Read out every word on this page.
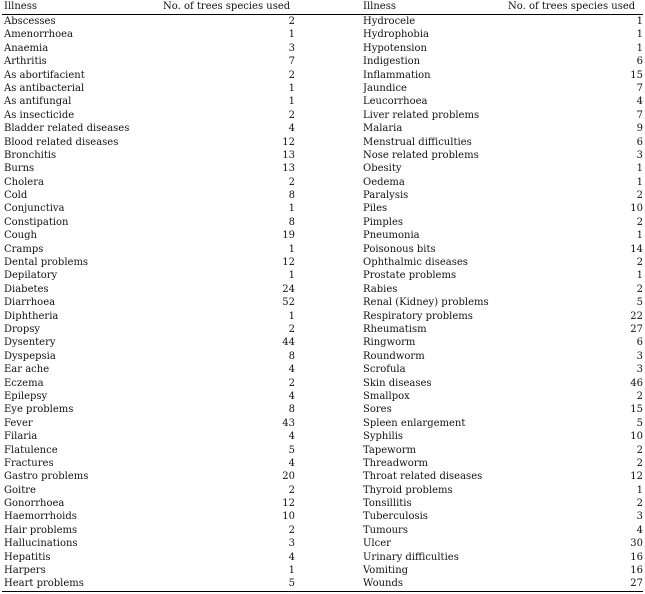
Illness	No. of trees species used	Illness	No. of trees species used
Abscesses	2	Hydrocele	1
Amenorrhoea	1	Hydrophobia	1
Anaemia	3	Hypotension	1
Arthritis	7	Indigestion	6
As abortifacient	2	Inflammation	15
As antibacterial	1	Jaundice	7
As antifungal	1	Leucorrhoea	4
As insecticide	2	Liver related problems	7
Bladder related diseases	4	Malaria	9
Blood related diseases	12	Menstrual difficulties	6
Bronchitis	13	Nose related problems	3
Burns	13	Obesity	1
Cholera	2	Oedema	1
Cold	8	Paralysis	2
Conjunctiva	1	Piles	10
Constipation	8	Pimples	2
Cough	19	Pneumonia	1
Cramps	1	Poisonous bits	14
Dental problems	12	Ophthalmic diseases	2
Depilatory	1	Prostate problems	1
Diabetes	24	Rabies	2
Diarrhoea	52	Renal (Kidney) problems	5
Diphtheria	1	Respiratory problems	22
Dropsy	2	Rheumatism	27
Dysentery	44	Ringworm	6
Dyspepsia	8	Roundworm	3
Ear ache	4	Scrofula	3
Eczema	2	Skin diseases	46
Epilepsy	4	Smallpox	2
Eye problems	8	Sores	15
Fever	43	Spleen enlargement	5
Filaria	4	Syphilis	10
Flatulence	5	Tapeworm	2
Fractures	4	Threadworm	2
Gastro problems	20	Throat related diseases	12
Goitre	2	Thyroid problems	1
Gonorrhoea	12	Tonsillitis	2
Haemorrhoids	10	Tuberculosis	3
Hair problems	2	Tumours	4
Hallucinations	3	Ulcer	30
Hepatitis	4	Urinary difficulties	16
Harpers	1	Vomiting	16
Heart problems	5	Wounds	27
